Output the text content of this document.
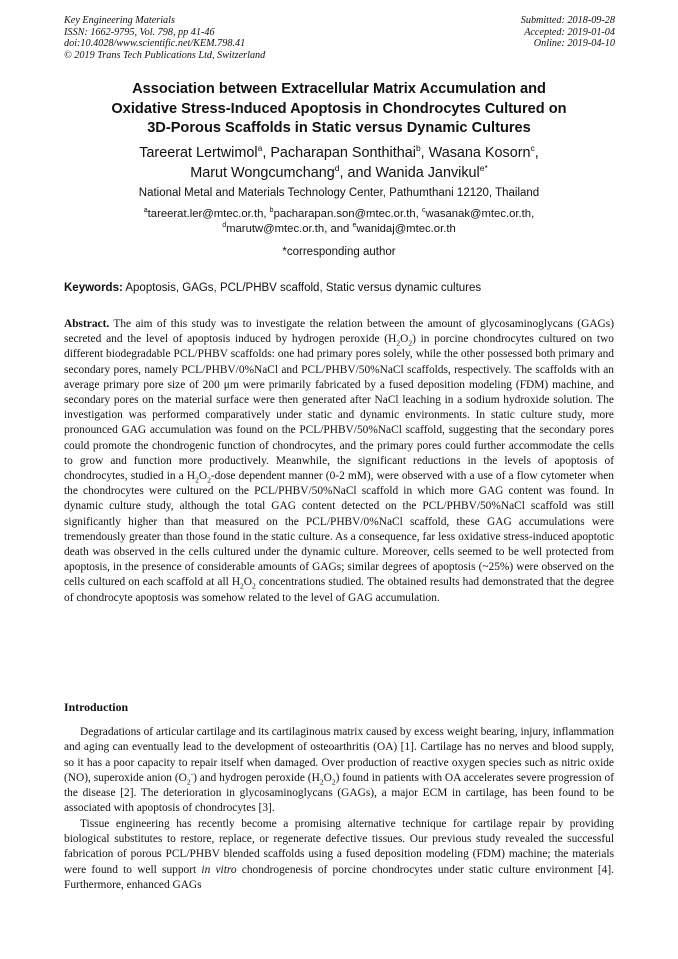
Key Engineering Materials
ISSN: 1662-9795, Vol. 798, pp 41-46
doi:10.4028/www.scientific.net/KEM.798.41
© 2019 Trans Tech Publications Ltd, Switzerland
Submitted: 2018-09-28
Accepted: 2019-01-04
Online: 2019-04-10
Association between Extracellular Matrix Accumulation and
Oxidative Stress-Induced Apoptosis in Chondrocytes Cultured on
3D-Porous Scaffolds in Static versus Dynamic Cultures
Tareerat Lertwimol$^a$, Pacharapan Sonthithai$^b$, Wasana Kosorn$^c$,
Marut Wongcumchang$^d$, and Wanida Janvikul$^{e*}$
National Metal and Materials Technology Center, Pathumthani 12120, Thailand
$^a$tareerat.ler@mtec.or.th, $^b$pacharapan.son@mtec.or.th, $^c$wasanak@mtec.or.th,
$^d$marutw@mtec.or.th, and $^e$wanidaj@mtec.or.th
*corresponding author
Keywords: Apoptosis, GAGs, PCL/PHBV scaffold, Static versus dynamic cultures

Abstract. The aim of this study was to investigate the relation between the amount of glycosaminoglycans (GAGs) secreted and the level of apoptosis induced by hydrogen peroxide $(H_2O_2)$ in porcine chondrocytes cultured on two different biodegradable PCL/PHBV scaffolds: one had primary pores solely, while the other possessed both primary and secondary pores, namely PCL/PHBV/0%NaCl and PCL/PHBV/50%NaCl scaffolds, respectively. The scaffolds with an average primary pore size of 200 μm were primarily fabricated by a fused deposition modeling (FDM) machine, and secondary pores on the material surface were then generated after NaCl leaching in a sodium hydroxide solution. The investigation was performed comparatively under static and dynamic environments. In static culture study, more pronounced GAG accumulation was found on the PCL/PHBV/50%NaCl scaffold, suggesting that the secondary pores could promote the chondrogenic function of chondrocytes, and the primary pores could further accommodate the cells to grow and function more productively. Meanwhile, the significant reductions in the levels of apoptosis of chondrocytes, studied in a $H_2O_2$-dose dependent manner (0-2 mM), were observed with a use of a flow cytometer when the chondrocytes were cultured on the PCL/PHBV/50%NaCl scaffold in which more GAG content was found. In dynamic culture study, although the total GAG content detected on the PCL/PHBV/50%NaCl scaffold was still significantly higher than that measured on the PCL/PHBV/0%NaCl scaffold, these GAG accumulations were tremendously greater than those found in the static culture. As a consequence, far less oxidative stress-induced apoptotic death was observed in the cells cultured under the dynamic culture. Moreover, cells seemed to be well protected from apoptosis, in the presence of considerable amounts of GAGs; similar degrees of apoptosis (~25%) were observed on the cells cultured on each scaffold at all $H_2O_2$ concentrations studied. The obtained results had demonstrated that the degree of chondrocyte apoptosis was somehow related to the level of GAG accumulation.

Introduction

Degradations of articular cartilage and its cartilaginous matrix caused by excess weight bearing, injury, inflammation and aging can eventually lead to the development of osteoarthritis (OA) [1]. Cartilage has no nerves and blood supply, so it has a poor capacity to repair itself when damaged. Over production of reactive oxygen species such as nitric oxide (NO), superoxide anion $(O_2^-)$ and hydrogen peroxide $(H_2O_2)$ found in patients with OA accelerates severe progression of the disease [2]. The deterioration in glycosaminoglycans (GAGs), a major ECM in cartilage, has been found to be associated with apoptosis of chondrocytes [3].

Tissue engineering has recently become a promising alternative technique for cartilage repair by providing biological substitutes to restore, replace, or regenerate defective tissues. Our previous study revealed the successful fabrication of porous PCL/PHBV blended scaffolds using a fused deposition modeling (FDM) machine; the materials were found to well support in vitro chondrogenesis of porcine chondrocytes under static culture environment [4]. Furthermore, enhanced GAGs
